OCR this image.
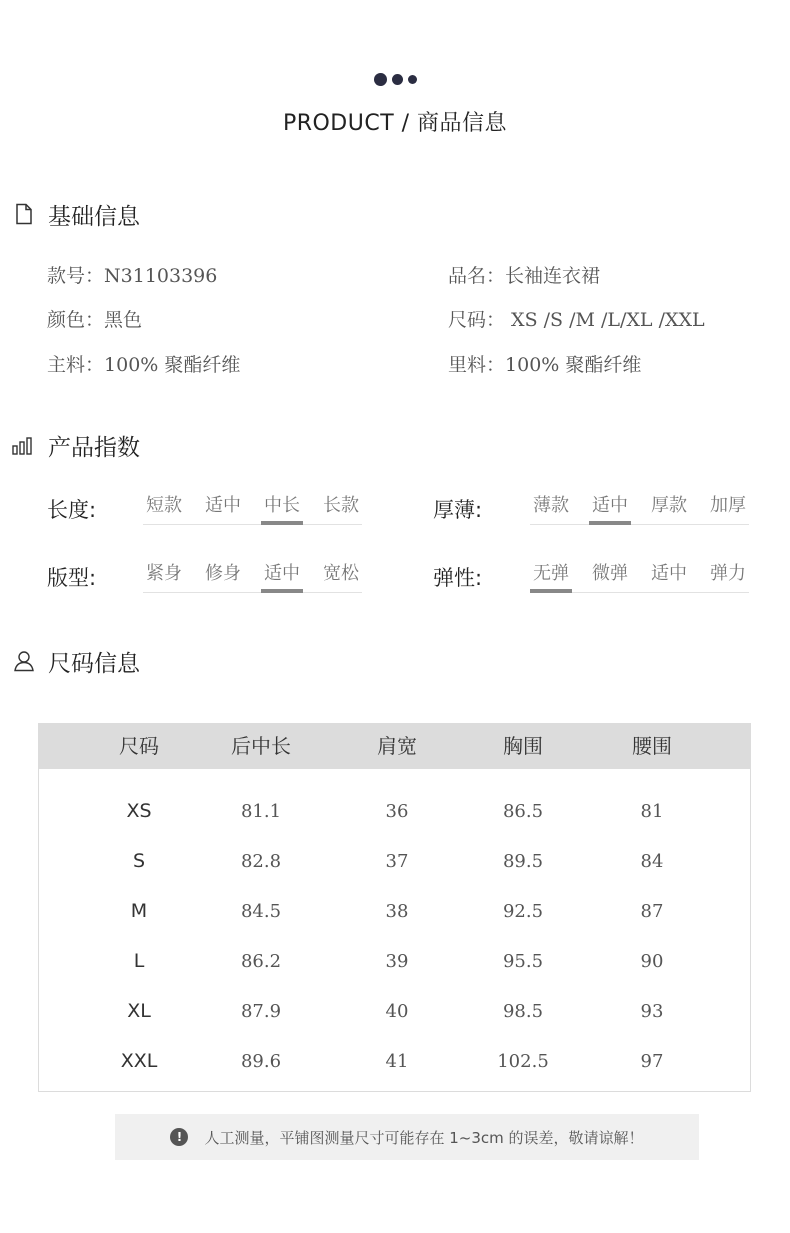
PRODUCT / 商品信息
基础信息
款号：N31103396	品名：长袖连衣裙
颜色：黑色	尺码： XS /S /M /L/XL /XXL
主料：100% 聚酯纤维	里料：100% 聚酯纤维
产品指数
长度:	短款 适中 中长 长款	厚薄:	薄款 适中 厚款 加厚
版型:	紧身 修身 适中 宽松	弹性:	无弹 微弹 适中 弹力
尺码信息
尺码	后中长	肩宽	胸围	腰围
XS	81.1	36	86.5	81
S	82.8	37	89.5	84
M	84.5	38	92.5	87
L	86.2	39	95.5	90
XL	87.9	40	98.5	93
XXL	89.6	41	102.5	97
!	人工测量，平铺图测量尺寸可能存在 1~3cm 的误差，敬请谅解！
